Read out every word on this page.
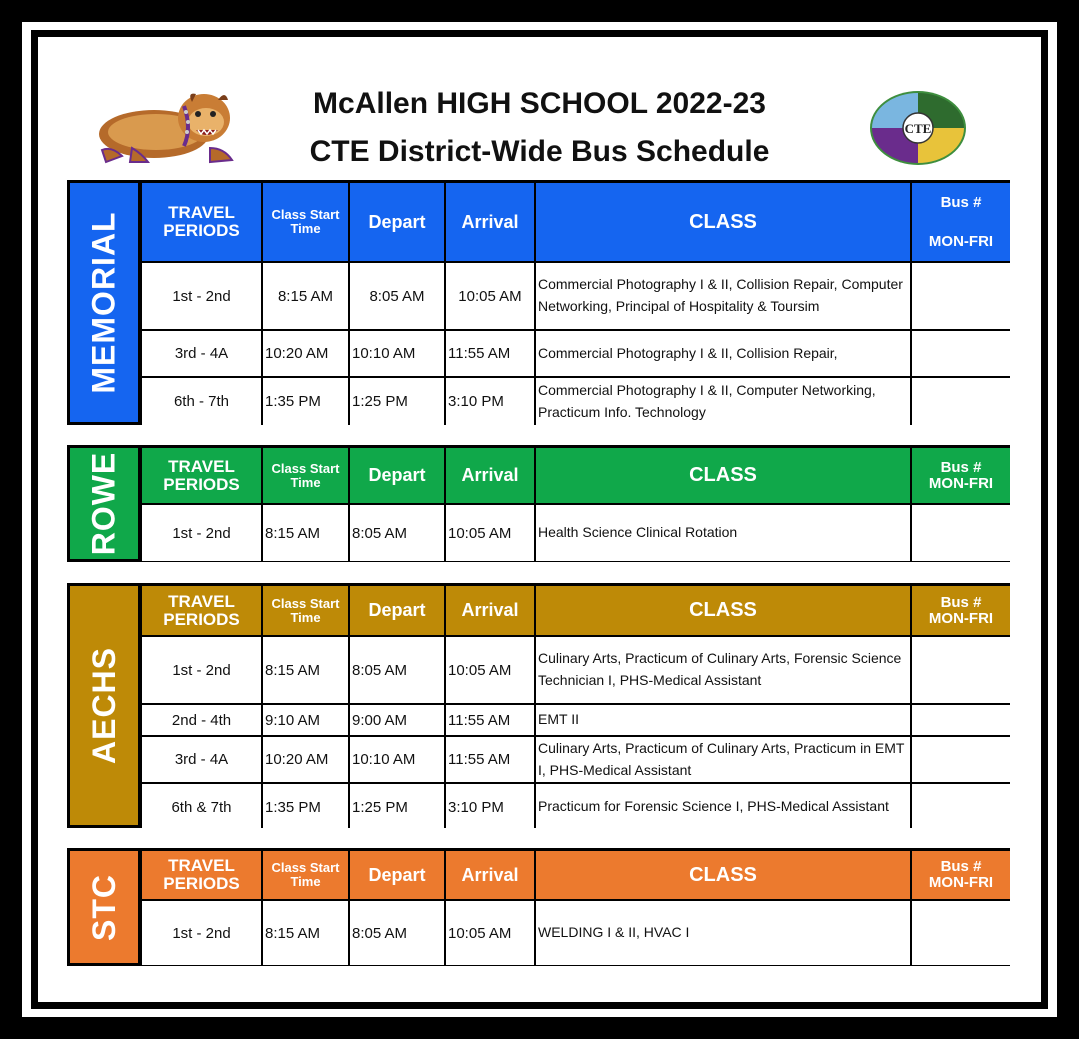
McAllen HIGH SCHOOL 2022-23
CTE District-Wide Bus Schedule
CTE
MEMORIAL	TRAVEL PERIODS
Class Start Time	Depart Arrival	CLASS
Bus #
MON-FRI
1st - 2nd	8:15 AM 8:05 AM 10:05 AM
Commercial Photography I & II, Collision Repair, Computer Networking, Principal of Hospitality & Toursim
3rd - 4A 10:20 AM 10:10 AM 11:55 AM Commercial Photography I & II, Collision Repair,
6th - 7th 1:35 PM 1:25 PM	3:10 PM
Commercial Photography I & II, Computer Networking, Practicum Info. Technology
ROWE	TRAVEL PERIODS
Class Start Time	Depart Arrival	CLASS	Bus #
MON-FRI
1st - 2nd 8:15 AM 8:05 AM	10:05 AM Health Science Clinical Rotation
AECHS
TRAVEL PERIODS
Class Start Time	Depart Arrival	CLASS	Bus #
MON-FRI
1st - 2nd 8:15 AM 8:05 AM	10:05 AM
Culinary Arts, Practicum of Culinary Arts, Forensic Science Technician I, PHS-Medical Assistant
2nd - 4th 9:10 AM 9:00 AM	11:55 AM EMT II
3rd - 4A 10:20 AM 10:10 AM 11:55 AM
Culinary Arts, Practicum of Culinary Arts, Practicum in EMT I, PHS-Medical Assistant
6th & 7th 1:35 PM 1:25 PM	3:10 PM Practicum for Forensic Science I, PHS-Medical Assistant
STC
TRAVEL PERIODS
Class Start Time	Depart Arrival	CLASS	Bus #
MON-FRI
1st - 2nd 8:15 AM 8:05 AM	10:05 AM WELDING I & II, HVAC I
